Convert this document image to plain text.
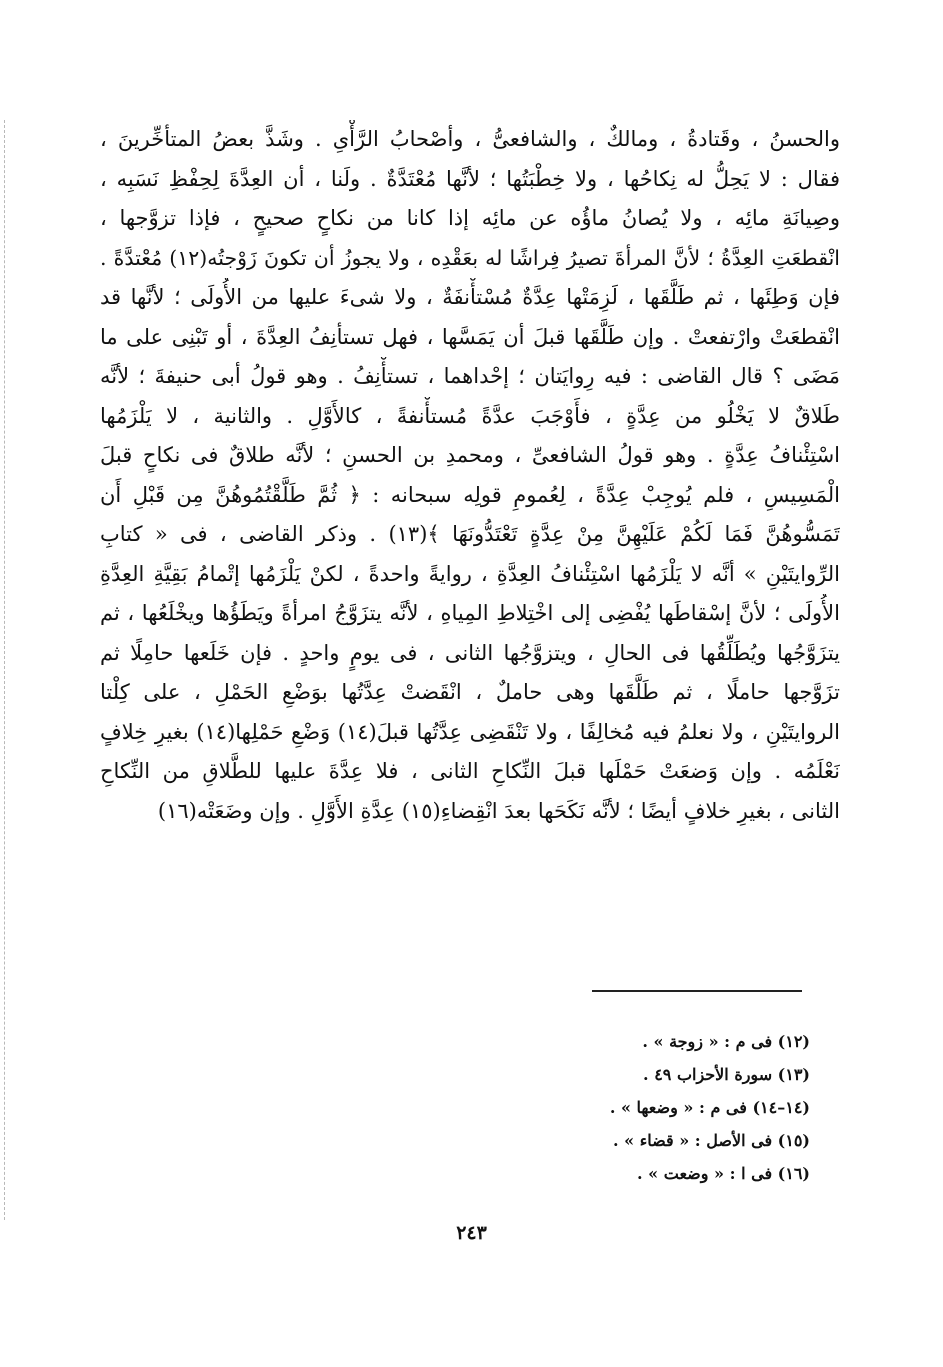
والحسنُ ، وقَتادةُ ، ومالكٌ ، والشافعىُّ ، وأصْحابُ الرَّأْىِ . وشَذَّ بعضُ المتأخِّرينَ ،
فقال : لا يَحِلُّ له نِكاحُها ، ولا خِطْبَتُها ؛ لأنَّها مُعْتَدَّةٌ . ولَنا ، أن العِدَّةَ لِحِفْظِ نَسَبِه ،
وصِيانَةِ مائِه ، ولا يُصانُ ماؤُه عن مائِه إذا كانا من نكاحٍ صحيحٍ ، فإذا تزوَّجها ،
انْقطعَتِ العِدَّةُ ؛ لأنَّ المرأةَ تصيرُ فِراشًا له بعَقْدِه ، ولا يجوزُ أن تكونَ زَوْجتُه(١٢) مُعْتدَّةً .
فإن وَطِئَها ، ثم طَلَّقَها ، لَزِمَتْها عِدَّةٌ مُسْتأْنفَةٌ ، ولا شىءَ عليها من الأُولَى ؛ لأنَّها قد
انْقطعَتْ وارْتفعتْ . وإن طَلَّقَها قبلَ أن يَمَسَّها ، فهل تستأنِفُ العِدَّةَ ، أو تَبْنِى على ما
مَضَى ؟ قال القاضى : فيه رِوايَتان ؛ إحْداهما ، تستأْنِفُ . وهو قولُ أبى حنيفةَ ؛ لأنَّه
طَلاقٌ لا يَخْلُو من عِدَّةٍ ، فأَوْجَبَ عدَّةً مُستأْنفةً ، كالأَوَّلِ . والثانية ، لا يَلْزَمُها
اسْتِئْنافُ عِدَّةٍ . وهو قولُ الشافعىِّ ، ومحمدِ بن الحسنِ ؛ لأنَّه طلاقٌ فى نكاحٍ قبلَ
الْمَسِيسِ ، فلم يُوجِبْ عِدَّةً ، لِعُمومِ قولِه سبحانه : ﴿ ثُمَّ طَلَّقْتُمُوهُنَّ مِن قَبْلِ أَن
تَمَسُّوهُنَّ فَمَا لَكُمْ عَلَيْهِنَّ مِنْ عِدَّةٍ تَعْتَدُّونَهَا ﴾(١٣) . وذكر القاضى ، فى « كتابِ
الرِّوايتَيْنِ » أنَّه لا يَلْزَمُها اسْتِئْنافُ العِدَّةِ ، روايةً واحدةً ، لكنْ يَلْزَمُها إتْمامُ بَقِيَّةِ العِدَّةِ
الأُولَى ؛ لأنَّ إسْقاطَها يُفْضِى إلى اخْتِلاطِ المِياهِ ، لأنَّه يتزَوَّجُ امرأةً ويَطَؤُها ويخْلَعُها ، ثم
يتزَوَّجُها ويُطَلِّقُها فى الحالِ ، ويتزوَّجُها الثانى ، فى يومٍ واحدٍ . فإن خَلَعها حامِلًا ثم
تزَوَّجها حاملًا ، ثم طَلَّقَها وهى حاملٌ ، انْقَضتْ عِدَّتُها بوَضْعِ الحَمْلِ ، على كِلْتا
الروايتَيْنِ ، ولا نعلمُ فيه مُخالِفًا ، ولا تَنْقَضِى عِدَّتُها قبلَ(١٤) وَضْعِ حَمْلِها(١٤) بغيرِ خِلافٍ
نَعْلَمُه . وإن وَضعَتْ حَمْلَها قبلَ النِّكاحِ الثانى ، فلا عِدَّةَ عليها للطَّلاقِ من النِّكاحِ
الثانى ، بغيرِ خلافٍ أيضًا ؛ لأنَّه نَكَحَها بعدَ انْقِضاءِ(١٥) عِدَّةِ الأَوَّلِ . وإن وضَعَتْه(١٦)
(١٢) فى م : « زوجة » .
(١٣) سورة الأحزاب ٤٩ .
(١٤–١٤) فى م : « وضعها » .
(١٥) فى الأصل : « قضاء » .
(١٦) فى ا : « وضعت » .
٢٤٣
